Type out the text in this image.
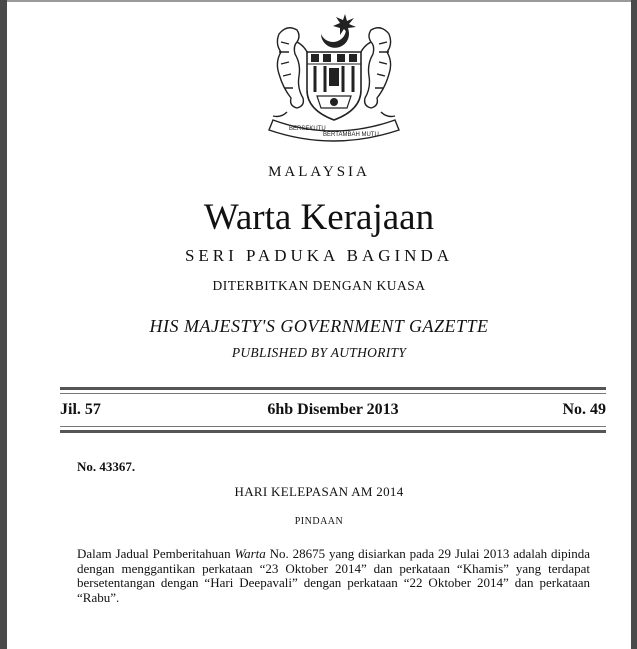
BERSEKUTU
BERTAMBAH MUTU
MALAYSIA
Warta Kerajaan
SERI PADUKA BAGINDA
DITERBITKAN DENGAN KUASA
HIS MAJESTY'S GOVERNMENT GAZETTE
PUBLISHED BY AUTHORITY
6hb Disember 2013
Jil. 57	No. 49
No. 43367.
HARI KELEPASAN AM 2014
PINDAAN
Dalam Jadual Pemberitahuan Warta No. 28675 yang disiarkan pada 29 Julai 2013 adalah dipinda dengan menggantikan perkataan “23 Oktober 2014” dan perkataan “Khamis” yang terdapat bersetentangan dengan “Hari Deepavali” dengan perkataan “22 Oktober 2014” dan perkataan “Rabu”.
